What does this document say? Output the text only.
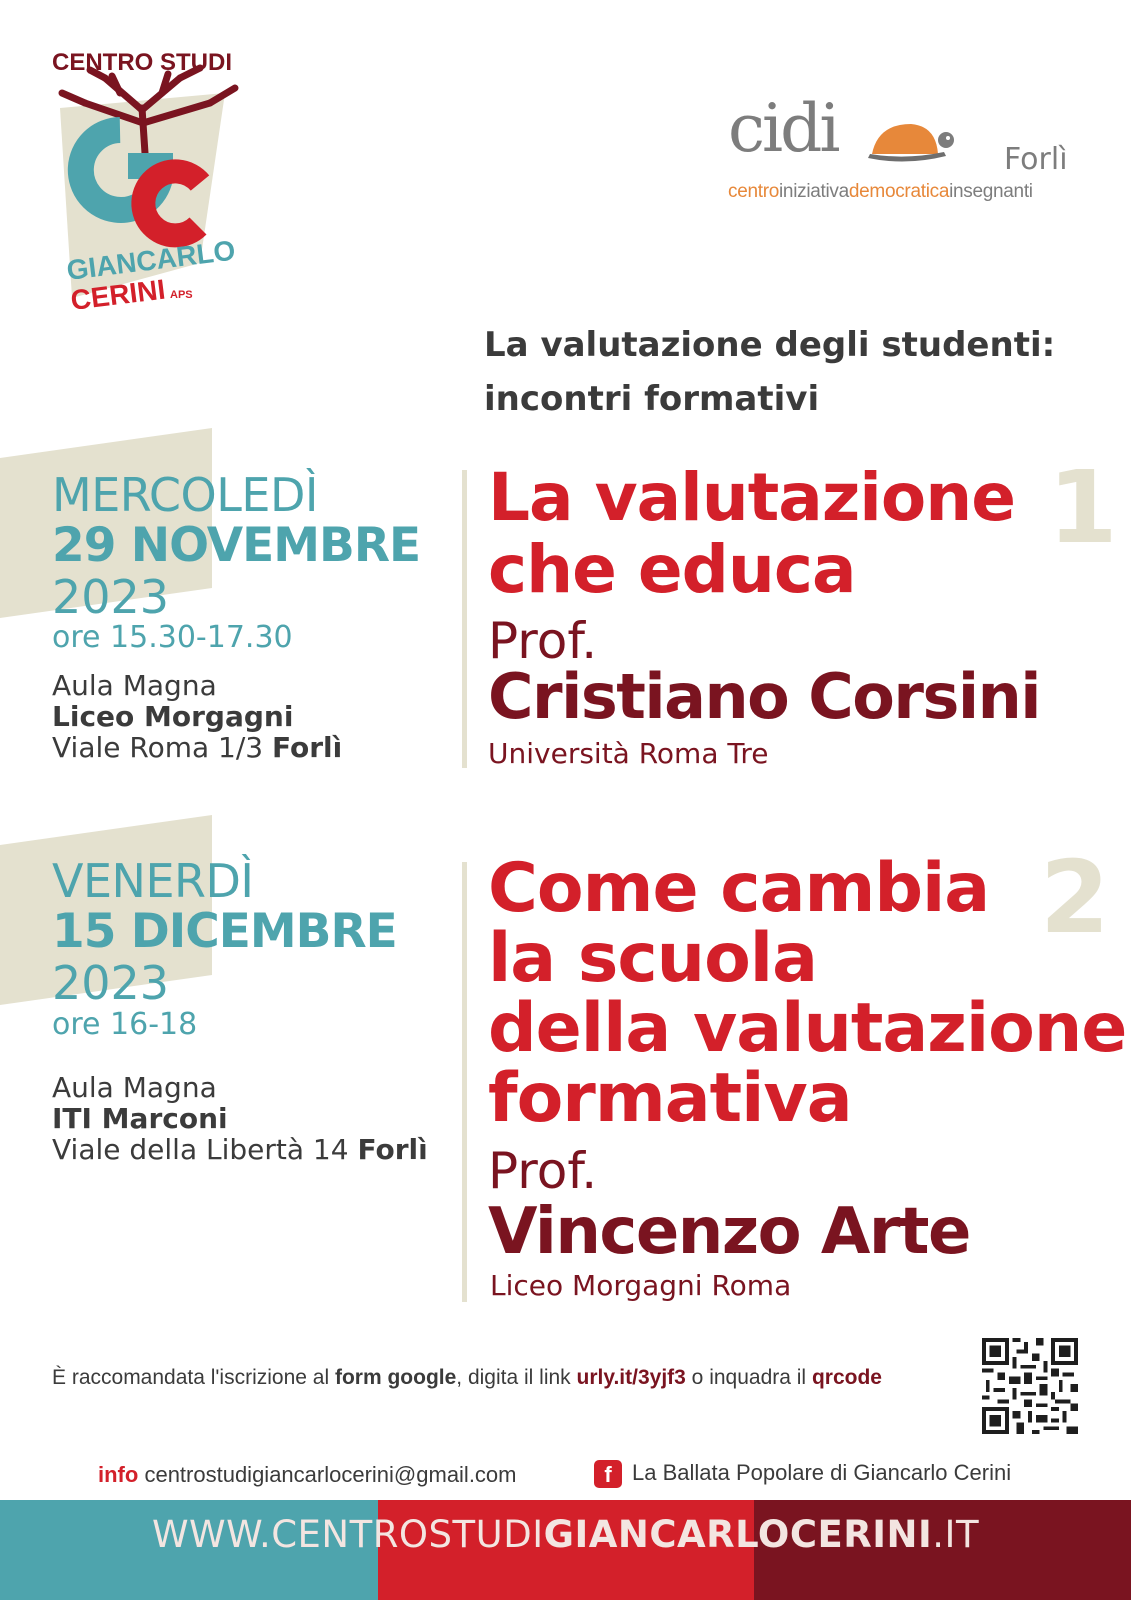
CENTRO STUDI
GIANCARLO
CERINI APS
cidi	Forlì
centroiniziativademocraticainsegnanti
La valutazione degli studenti:
incontri formativi
MERCOLEDÌ
29 NOVEMBRE
2023
ore 15.30-17.30
Aula Magna
Liceo Morgagni
Viale Roma 1/3 Forlì
1
La valutazione
che educa
Prof.
Cristiano Corsini
Università Roma Tre
VENERDÌ
15 DICEMBRE
2023
ore 16-18
Aula Magna
ITI Marconi
Viale della Libertà 14 Forlì
2
Come cambia
la scuola
della valutazione
formativa
Prof.
Vincenzo Arte
Liceo Morgagni Roma
È raccomandata l'iscrizione al form google, digita il link urly.it/3yjf3 o inquadra il qrcode
info centrostudigiancarlocerini@gmail.com	f La Ballata Popolare di Giancarlo Cerini
WWW.CENTROSTUDIGIANCARLOCERINI.IT
